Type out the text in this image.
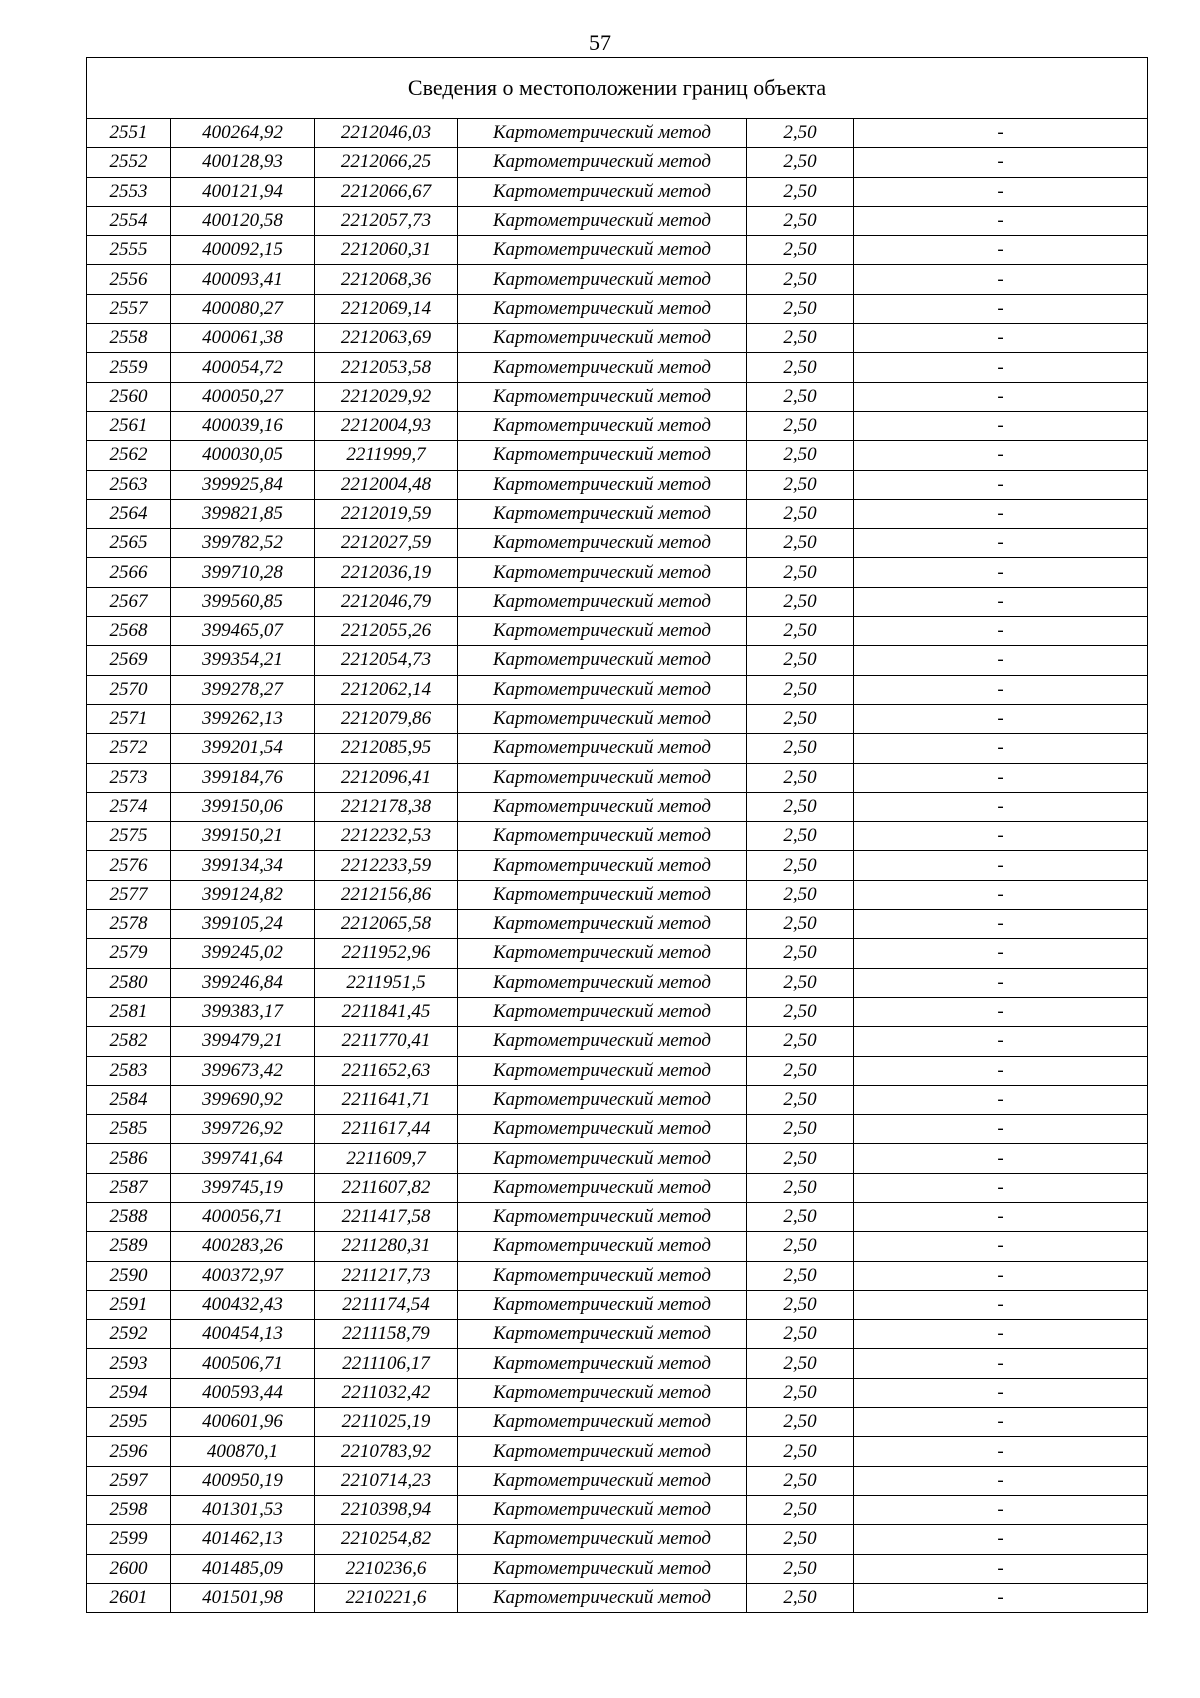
57
Сведения о местоположении границ объекта					
2551	400264,92	2212046,03	Картометрический метод	2,50	-
2552	400128,93	2212066,25	Картометрический метод	2,50	-
2553	400121,94	2212066,67	Картометрический метод	2,50	-
2554	400120,58	2212057,73	Картометрический метод	2,50	-
2555	400092,15	2212060,31	Картометрический метод	2,50	-
2556	400093,41	2212068,36	Картометрический метод	2,50	-
2557	400080,27	2212069,14	Картометрический метод	2,50	-
2558	400061,38	2212063,69	Картометрический метод	2,50	-
2559	400054,72	2212053,58	Картометрический метод	2,50	-
2560	400050,27	2212029,92	Картометрический метод	2,50	-
2561	400039,16	2212004,93	Картометрический метод	2,50	-
2562	400030,05	2211999,7	Картометрический метод	2,50	-
2563	399925,84	2212004,48	Картометрический метод	2,50	-
2564	399821,85	2212019,59	Картометрический метод	2,50	-
2565	399782,52	2212027,59	Картометрический метод	2,50	-
2566	399710,28	2212036,19	Картометрический метод	2,50	-
2567	399560,85	2212046,79	Картометрический метод	2,50	-
2568	399465,07	2212055,26	Картометрический метод	2,50	-
2569	399354,21	2212054,73	Картометрический метод	2,50	-
2570	399278,27	2212062,14	Картометрический метод	2,50	-
2571	399262,13	2212079,86	Картометрический метод	2,50	-
2572	399201,54	2212085,95	Картометрический метод	2,50	-
2573	399184,76	2212096,41	Картометрический метод	2,50	-
2574	399150,06	2212178,38	Картометрический метод	2,50	-
2575	399150,21	2212232,53	Картометрический метод	2,50	-
2576	399134,34	2212233,59	Картометрический метод	2,50	-
2577	399124,82	2212156,86	Картометрический метод	2,50	-
2578	399105,24	2212065,58	Картометрический метод	2,50	-
2579	399245,02	2211952,96	Картометрический метод	2,50	-
2580	399246,84	2211951,5	Картометрический метод	2,50	-
2581	399383,17	2211841,45	Картометрический метод	2,50	-
2582	399479,21	2211770,41	Картометрический метод	2,50	-
2583	399673,42	2211652,63	Картометрический метод	2,50	-
2584	399690,92	2211641,71	Картометрический метод	2,50	-
2585	399726,92	2211617,44	Картометрический метод	2,50	-
2586	399741,64	2211609,7	Картометрический метод	2,50	-
2587	399745,19	2211607,82	Картометрический метод	2,50	-
2588	400056,71	2211417,58	Картометрический метод	2,50	-
2589	400283,26	2211280,31	Картометрический метод	2,50	-
2590	400372,97	2211217,73	Картометрический метод	2,50	-
2591	400432,43	2211174,54	Картометрический метод	2,50	-
2592	400454,13	2211158,79	Картометрический метод	2,50	-
2593	400506,71	2211106,17	Картометрический метод	2,50	-
2594	400593,44	2211032,42	Картометрический метод	2,50	-
2595	400601,96	2211025,19	Картометрический метод	2,50	-
2596	400870,1	2210783,92	Картометрический метод	2,50	-
2597	400950,19	2210714,23	Картометрический метод	2,50	-
2598	401301,53	2210398,94	Картометрический метод	2,50	-
2599	401462,13	2210254,82	Картометрический метод	2,50	-
2600	401485,09	2210236,6	Картометрический метод	2,50	-
2601	401501,98	2210221,6	Картометрический метод	2,50	-
